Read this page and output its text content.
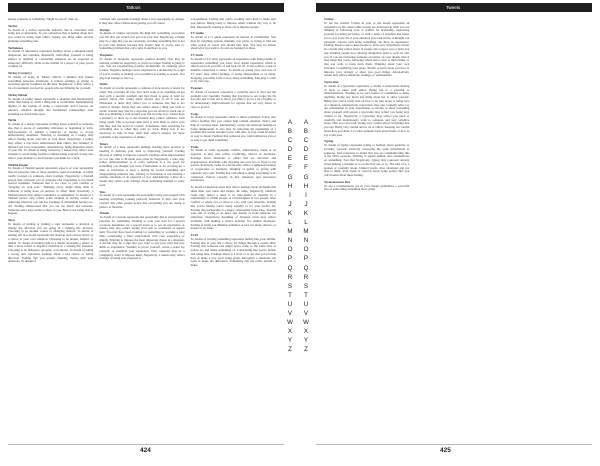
Tattoos

beauty someone or something "might be out of" later on.

Tarbox

To dream of a tarbox represents behavior that is concerned with being lost or intentions. To our connection that is feeling about how you could be doing from others. Saying one thing while secretly planning something else.

Turbulence

To dream of turbulence represents feelings about a situation being dangerous, but tolerable. Reputedly controlling yourself or being subject to reigning or controlling situation. As an expected or temporary difficulty while in the middle of a project or plan you're working on.

Turkey (Country)

To dream of being in Turkey reflects a mindset that makes everything personal. Positively, it reflects feelings of giving or receiving special treatment all the time. Negatively, it may reflect a lot of resentment you feel for people who are thinking for yourself.

Turkey Dinner

To dream of eating turkey represents a situation that intellectually rather than being so. Such a thing that is worthwhile. Remembering dignity or the feeling of being a respectable social person. As advance situation thought, the established relationships after spending too much time apart.

Turtle

To dream of a turkey represents feelings about yourself or someone else that is aware of something ridiculous or beginning to form. Self-awareness of sudden a behavior or having to accept embarrassing situations. Noticing or dreaming of a turkey may reflect feeling about your life or your ideas. Negatively, a turkey may reflect a trap more embarrassed than others, feel rebuked, or mislead you to be responsible. Alternatively, being important aspect of your life. To dream of being chased by a turkey may reflect your attempts to avoid being foolish or embarrassing yourself. It may also reflect your attempts to avoid people you think are a stick.

Turkish People

To dream of Turkish people represents aspects of your personality that are personal. One or more sensitive, special treatment, or being totally focused on someone else's feelings. Negatively, a Turkish person may represent you or someone else responding to too much special treatment. Someone that is too close to your comfort or "stepping on your toes." Thinking every single thing done to someone is being done on purpose to affect them. Positively, a Turkish person may reflect confidence or selfishness. To dream of a Turkish person very reflect some element of having control or achieving whatever you ask for. Feelings of entitlement having too. All. Feeling embarrassed that you are too much and someone. Someone else's urge seems to show to you. Both is not being able to happen.

Turn

To dream of turning or making a turn represents a decision to change the direction you are going in a making life decision. Choosing to go another course or changing choices. To dream of turning left in a dream represents the shortcut and a moral choice or a choice to your own situation. Choosing to be honest, helpful, or ethical. To dream of turning right in a dream represents a choice to take a more robust or negative direction in a waking life situation. Choosing to be dishonest, arrogant, or irrational. To dream of taking a wrong turn represents feelings about a bad choice or losing direction. Feeling that you weren't thinking clearly with your decisions. To dream of

a missed turn represents feelings about a lost opportunity to change. It may also reflect distractions getting you off course.

Turnips

To dream of turnips represents the high that something overcomes you felt that you would ever get over your fear. Negatively, a turnip may be a sign that you are carelessly avoiding something that is not in your best interest because that doesn't help or you're sure to. Something problem that can't come in anymore to you.

Turquoise

To dream of turquoise represents positive healing. You may be noticing a behavior negatively or you're no longer finding it going to you. You are experiencing positive momentum. To ensuring good fortune. Negative feelings can be turquoise in a dream may be a sign of you're weakly or dealing or too sensitive as feeling to people. You may feel strange or live too.

Turtle

To dream of a turtle represents a cautious of slow-down or desire for safety that overrides all else. You don't want to do anything except deal with a specific problem and that threat is gone. A wish for perfect safety. Not caring about anyone else at all if you are threatened. A turtle may reflect you or someone else that is too afraid to change. Turtle may also reflect about a thing you want to avoid. A turtle may also be a sign that you are afraid to reach out or like you. Building a wall around your life in some way. Turtles have a tendency to draw up to the moment they cannot withdraw from being death. This is because their hard is with them so sterns give that they feel the world is a better. Sometimes, their searching for something else is when they can't go back. Being fear is too necessary to hide in their shell then reflects unsures for those problems at the experience of failure.

Tutors

To dream of a tutor represents feelings needing more practice or needing to dedicate your time to improving yourself. Feeling devoted or willing to improve yourself. Feelings about improvement as a to one who is ill-made sure pride in. Negatively, a tutor may reflect embarrassment or if every someone is a too good for something you thought you were. Frustrations or lot of being for a time. A frustration or hour a feeling he fooled something and disappointing someone else. Anxiety or frustration at not meeting a relative standards or an expected of you. Alternatively, a tutor in a dream may reflect your feelings about dedicating feelings to study even.

Tuxs

To dream of a tutu represents the personality being preoccupied with keeping everything looking perfectly balanced. It may also your concern that other people notice that everything you are doing is perfect or flawless.

Tuxedo

To dream of a tuxedo represents the personality that is exceptionally prepared for something. Wanting to look your best for a special occasion. Readiness for a special event or to see an experience. A tuxedo may also reflect seeing your self as wonderful or superb skill. You may have been training for something or working a long time. Celebrating a final achievement with your experience or dignity. Wanting to impress the most important choice in a situation. A tuxedo may be a sign that you want to say your wild and new skills or experience. Wanting to prove yourself, create a sense for yourself, or establish your reputation. Your company may be a completely ready to impress them. Negatively, a tuxedo may reflect feelings of being over prepared or

overqualified. Feeling that you're working extra hard to make sure you deliver. Being ready to impress others without any way to do that. Impatiently waiting to show off to impress people.

TV Guide

To dream of a tv guide represents an interest in possibilities. You may be weighing options, thinking over plans, or trying to find out what course of action you should take next. You may be unsure about what you want to do and are looking for ideas.

TV Static

To dream of TV static represents an experience with being unable to experience something you want. Your dream experience which is shut down from your life of bad luck cut off. It also reflects a lack of mindful connection to sense. To dream of seeing your own loss of TV static may reflect feelings of being disappointed or of being. Stopping you while from to stop doing something. Enjoying a crisis or by trial stop.

Tweezers

To dream of tweezers represents a carefully need to find out the problem very carefully. Feeling that you have to not forget the fix not only one to feel out to allow you time to get to a lot of tightly or be unnecessary. Improvements for anyone that are very minor to clear or get rid.

Twigs

To dream of twigs represents small or minor problems. It may also reflect feelings that you cannot help remain situation. Worry and help of a serious issue. Alternatively, a twig can represent feelings of being unimportant. It also may be reflecting the beginnings of a problem that would become worse with time. A twig could be minor or easy to break. Feelings that someone also could embarrass you or as easy to get them something.

Twins

To dream of twins represents conflict, ambivalence, doubt or an opposite. It may also reflect conflicting choices or decisions. Feelings about situations to others that are attractive and inappropriate. Problems with choosing one over two or loyal to one person. Positively, twins in a dream may reflect a tightened feelings of cooperation or harmony. Working or gentle or giving with someone very well. Feeling that everything is doing everything to be connected. Perfect capacity in that situations and responsive discussion.

To dream of identical twins may reflect feelings about problems that share their own ideas and inspire the same. Negatively, identical twins may reflect a need to be duty-bound or equality in a relationship or within people. A well-designed of two people. Also conflict or where two or more to you, with your situation. Feeling like you're finding you're being equality or for your perfect fix. Feeling that partnership is a happy relationship looks false. Feeling your self of trying to do more and double or from someone too otherwise. Negatively, dreaming of fraternal twins may reflect problems with making a choice between two similar situations. Feeling of being you thinking somehow or bad, too many choices, or unsure of an issue.

Twirl

To dream of twirling something represents feeling like your skillful. Feeling that in your life a choice for things through a certain time. Feeling that someone else might never come so the same time as before are and make something of. Considering that you're honest and being here. Feelings about is a level or to get that you provide here or make a way. Gets being given. Recognize a situations and want to make the difference. Something that the twirls should to make.

A
B
C
D
E
F
G
H
I
J
K
L
M
N
O
P
Q
R
S
T
U
V
W
X
Y
Z
424
Tweets
Twitter

To see the website Twitter in your or the dream represents an experience in life where other people are interested in what you are thinking or following your. A symbol for leadership, expressing yourself for being pervasive, or with a sense of situation that keeps you to pay every bit of your situation you want in life. A thought can represent concern with being something can show in experience. Feeling. Book to use to keep people to focus you. Negatively, twitter in a dream may reflect about of people who respect you or hobs you pay. Wanting people face. Moving disruptions push to each are also you. If you are following someone on twitter on your dream, then it may mean that you're following others and a close to their thinks, or that you want to learn from them. Thinking about your own situation. Considering your goals. Twitter to learn about you how to improve your strategy or show you good things. Alternatively, twitter may reflect situations, feelings, or relationships.

Typewriter

To dream of a typewriter represents a careful or meticulous sharing of facts or ideas with others. Being put to a stressful or misinformation. Needing to be very honest or committed to make anything. Doing any mean and think about her to share yourself. Being sure you're really sure on how to be sure about or being sure of a situation. Alternatively, typewriters may also carefully reflect so our information in your experiences or having to share something about yourself with people a typewriter may reflect you being very careful to be. Negatively, a typewriter may reflect you need to carefully and meticulously write to someone and very sensitive about what you can recall. Doing very careful about everything that you say. Being very careful and so on or others. Keeping too careful about how you share it to what someone feels about them, or how to say it and pass.

Typing

To dream of typing represents typing or feelings about perfectly or focusing yourself. Perfectly conveying the same information to someone. Self-conscious or belief that you are communicating this is the 100% accurate. Wanting to appear skilled, and communicate on something. Feel that Negatively, typing may represent anxiety about making a mistake or to on the first one or so. The idea of to a spoken or carefully about. Unkind words. Also situations and not able to think. Your result of concern about being perfect that you can't honest about these feeling.

Tyrannosaurus Rex

To see a tyrannosaurus rex in your dream symbolizes a powerful fear of some thing something more given.

A
B
C
D
E
F
G
H
I
J
K
L
M
N
O
P
Q
R
S
T
U
V
W
X
Y
Z
425
